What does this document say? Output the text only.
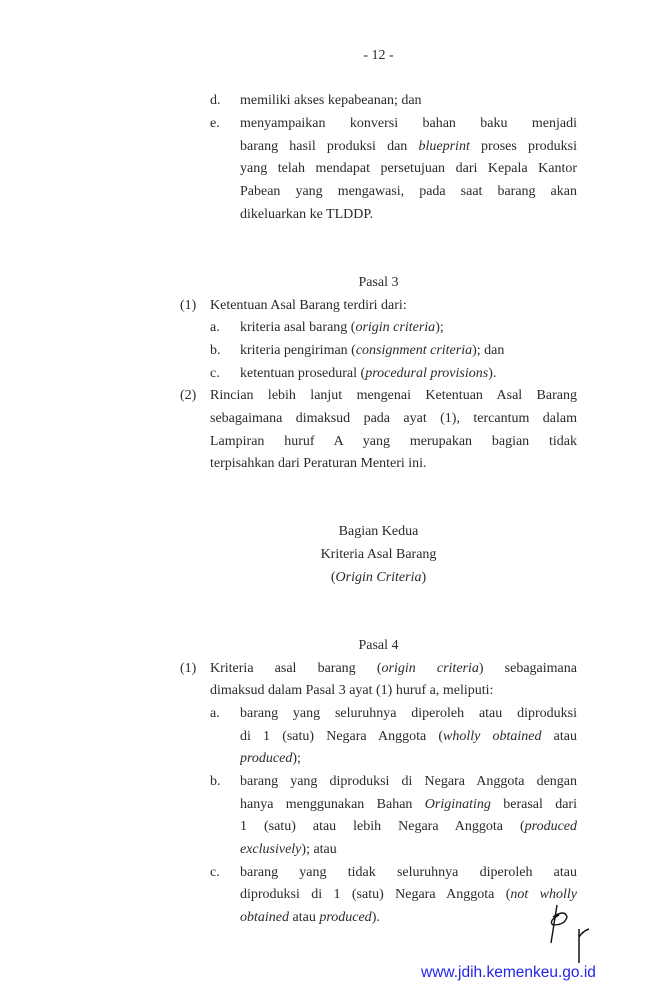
- 12 -
d.	memiliki akses kepabeanan; dan
e.	menyampaikan konversi bahan baku menjadi
barang hasil produksi dan blueprint proses produksi
yang telah mendapat persetujuan dari Kepala Kantor
Pabean yang mengawasi, pada saat barang akan
dikeluarkan ke TLDDP.
Pasal 3
(1) Ketentuan Asal Barang terdiri dari:
a.	kriteria asal barang (origin criteria);
b.	kriteria pengiriman (consignment criteria); dan
c.	ketentuan prosedural (procedural provisions).
(2) Rincian lebih lanjut mengenai Ketentuan Asal Barang
sebagaimana dimaksud pada ayat (1), tercantum dalam
Lampiran huruf A yang merupakan bagian tidak
terpisahkan dari Peraturan Menteri ini.
Bagian Kedua
Kriteria Asal Barang
(Origin Criteria)
Pasal 4
(1) Kriteria asal barang (origin criteria) sebagaimana
dimaksud dalam Pasal 3 ayat (1) huruf a, meliputi:
a.	barang yang seluruhnya diperoleh atau diproduksi
di 1 (satu) Negara Anggota (wholly obtained atau
produced);
b.	barang yang diproduksi di Negara Anggota dengan
hanya menggunakan Bahan Originating berasal dari
1 (satu) atau lebih Negara Anggota (produced
exclusively); atau
c.	barang yang tidak seluruhnya diperoleh atau
diproduksi di 1 (satu) Negara Anggota (not wholly
obtained atau produced).
www.jdih.kemenkeu.go.id
